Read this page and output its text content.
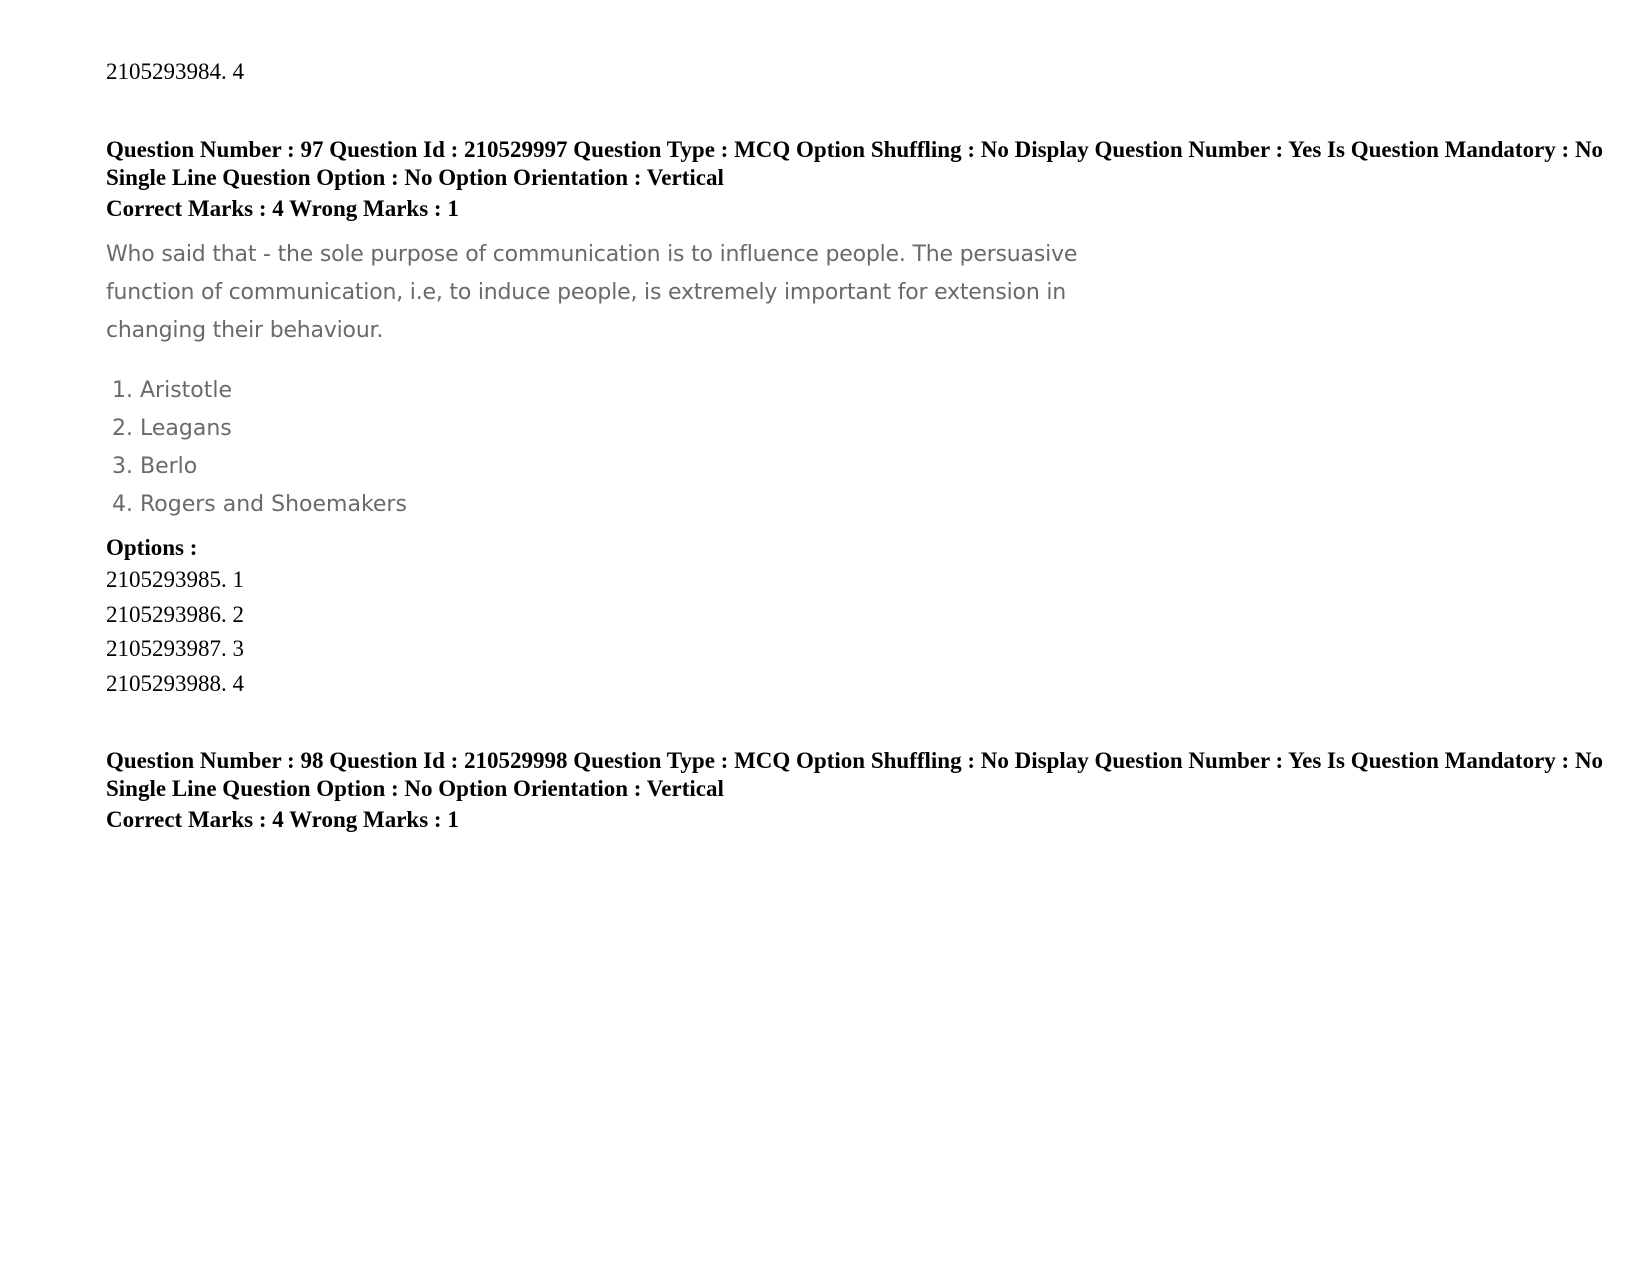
2105293984. 4
Question Number : 97 Question Id : 210529997 Question Type : MCQ Option Shuffling : No Display Question Number : Yes Is Question Mandatory : No Single Line Question Option : No Option Orientation : Vertical
Correct Marks : 4 Wrong Marks : 1
Who said that - the sole purpose of communication is to influence people. The persuasive function of communication, i.e, to induce people, is extremely important for extension in changing their behaviour.
1. Aristotle
2. Leagans
3. Berlo
4. Rogers and Shoemakers
Options :
2105293985. 1
2105293986. 2
2105293987. 3
2105293988. 4
Question Number : 98 Question Id : 210529998 Question Type : MCQ Option Shuffling : No Display Question Number : Yes Is Question Mandatory : No Single Line Question Option : No Option Orientation : Vertical
Correct Marks : 4 Wrong Marks : 1
